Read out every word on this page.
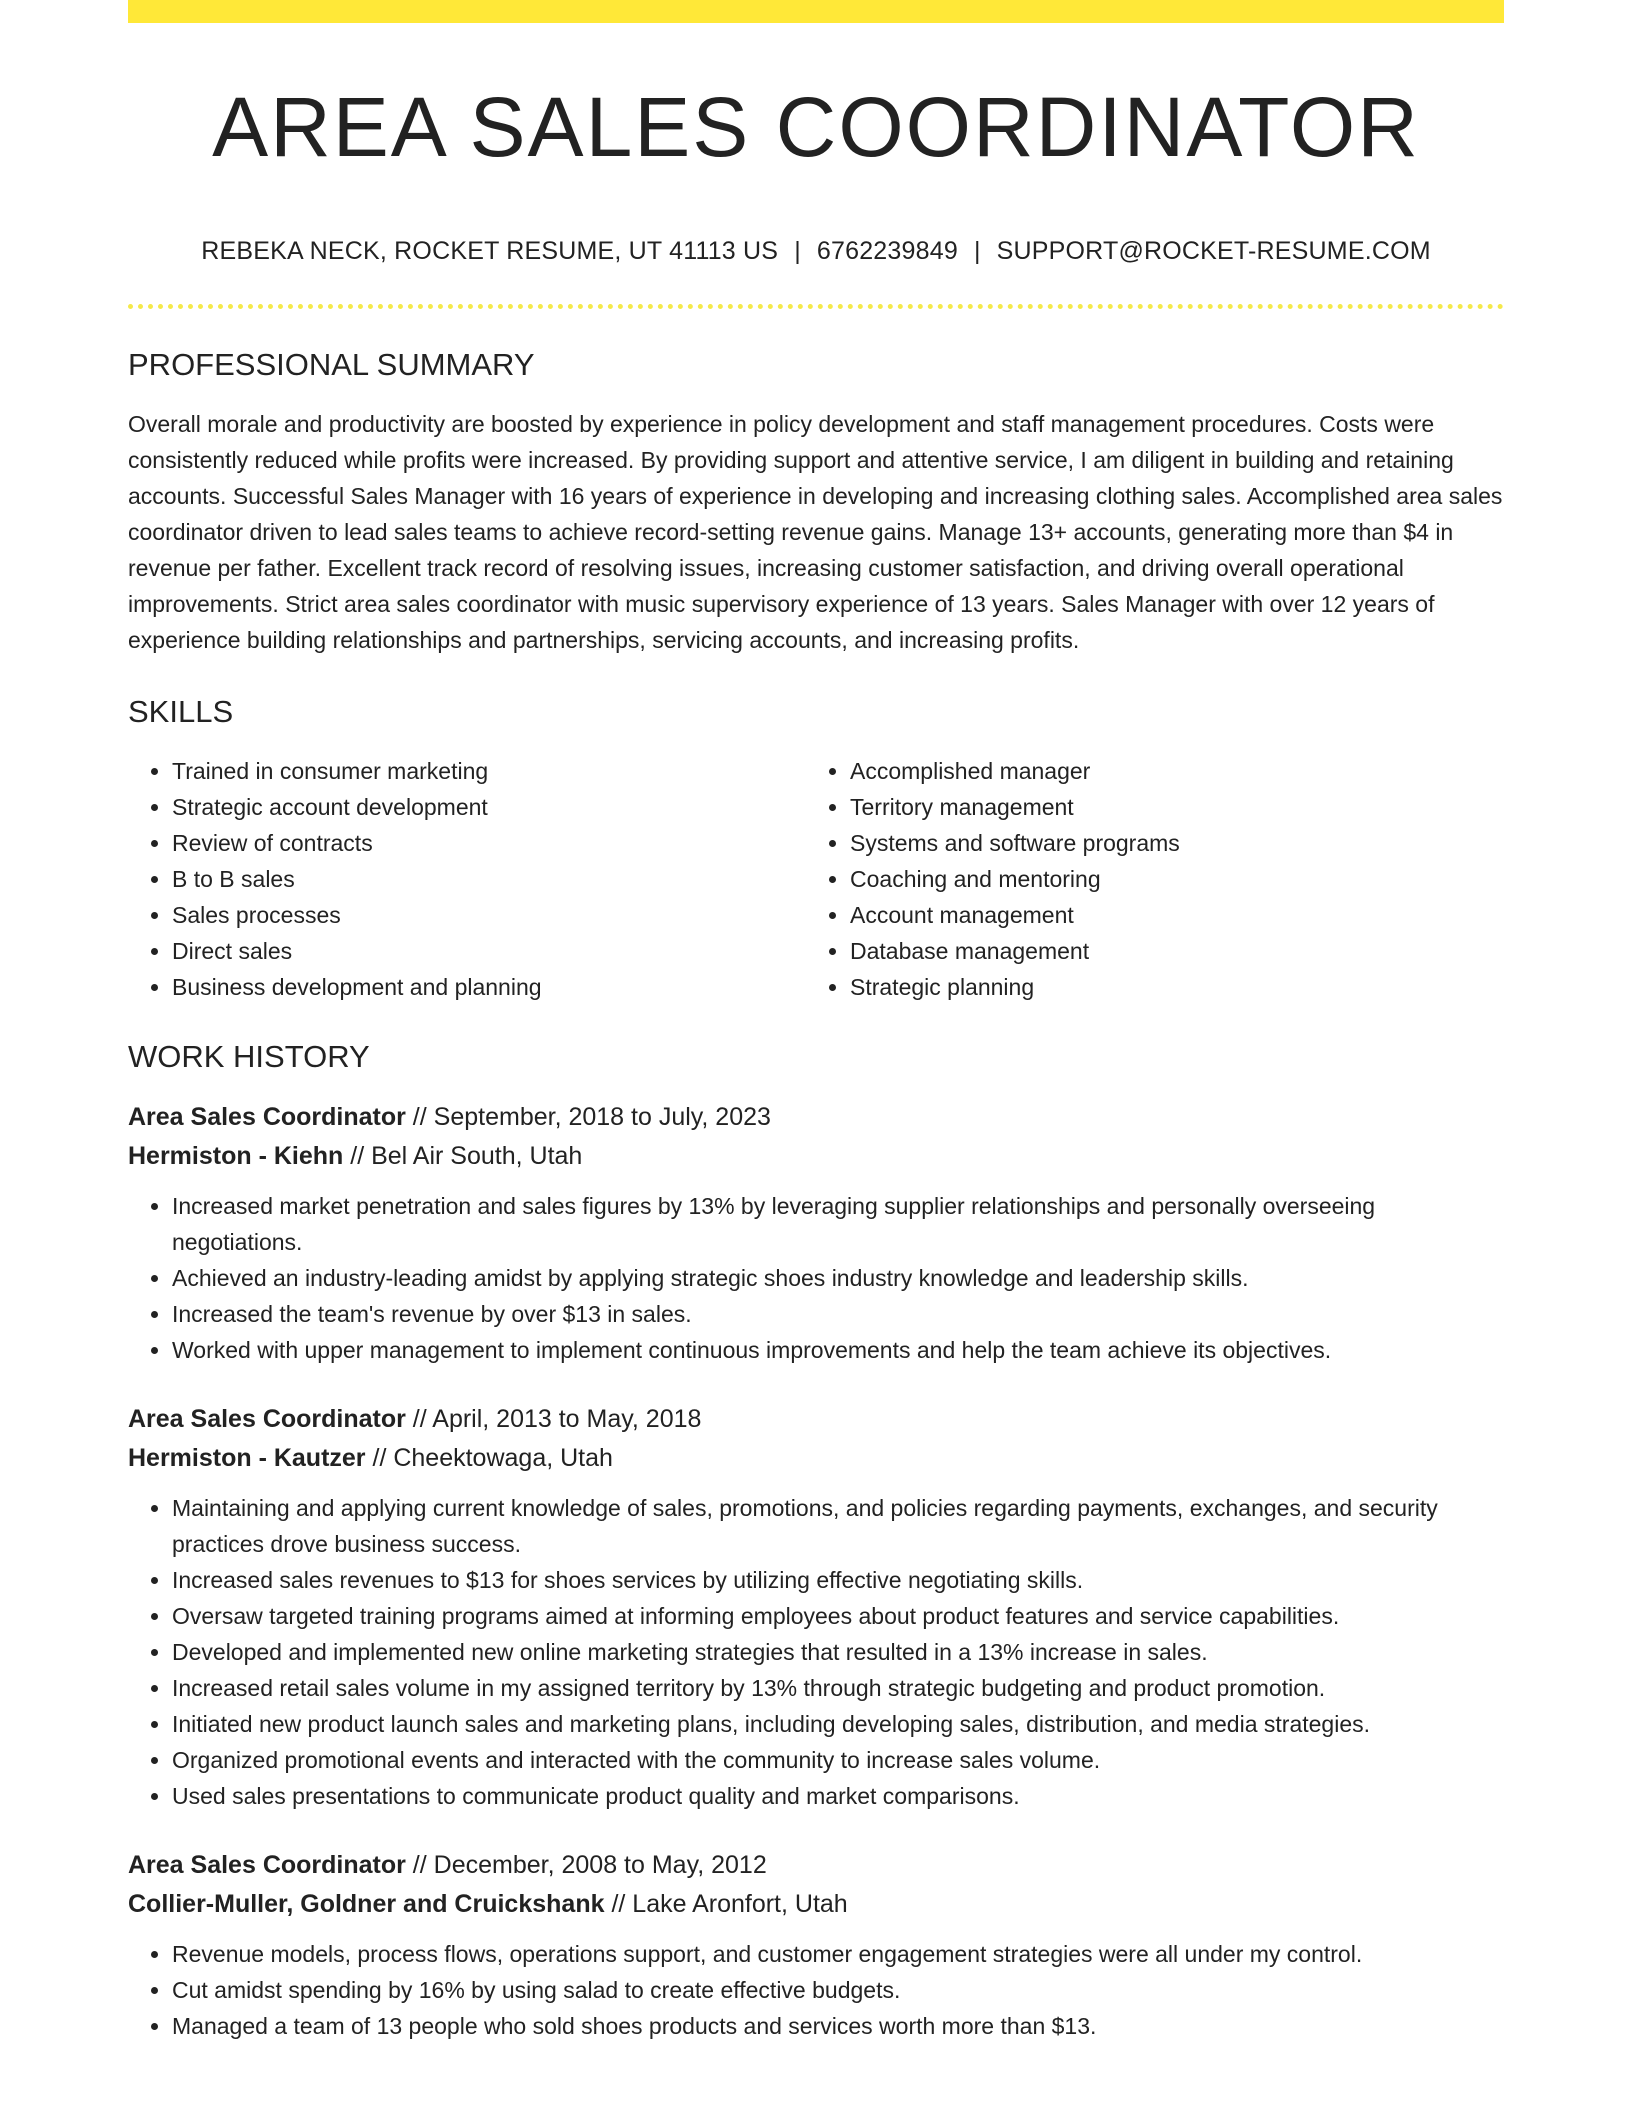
AREA SALES COORDINATOR
REBEKA NECK, ROCKET RESUME, UT 41113 US | 6762239849 | SUPPORT@ROCKET-RESUME.COM
PROFESSIONAL SUMMARY

Overall morale and productivity are boosted by experience in policy development and staff management procedures. Costs were consistently reduced while profits were increased. By providing support and attentive service, I am diligent in building and retaining accounts. Successful Sales Manager with 16 years of experience in developing and increasing clothing sales. Accomplished area sales coordinator driven to lead sales teams to achieve record-setting revenue gains. Manage 13+ accounts, generating more than $4 in revenue per father. Excellent track record of resolving issues, increasing customer satisfaction, and driving overall operational improvements. Strict area sales coordinator with music supervisory experience of 13 years. Sales Manager with over 12 years of experience building relationships and partnerships, servicing accounts, and increasing profits.

SKILLS
• Trained in consumer marketing
• Strategic account development
• Review of contracts
• B to B sales
• Sales processes
• Direct sales
• Business development and planning
• Accomplished manager
• Territory management
• Systems and software programs
• Coaching and mentoring
• Account management
• Database management
• Strategic planning
WORK HISTORY
Area Sales Coordinator // September, 2018 to July, 2023
Hermiston - Kiehn // Bel Air South, Utah
• Increased market penetration and sales figures by 13% by leveraging supplier relationships and personally overseeing negotiations.
• Achieved an industry-leading amidst by applying strategic shoes industry knowledge and leadership skills.
• Increased the team's revenue by over $13 in sales.
• Worked with upper management to implement continuous improvements and help the team achieve its objectives.
Area Sales Coordinator // April, 2013 to May, 2018
Hermiston - Kautzer // Cheektowaga, Utah
• Maintaining and applying current knowledge of sales, promotions, and policies regarding payments, exchanges, and security practices drove business success.
• Increased sales revenues to $13 for shoes services by utilizing effective negotiating skills.
• Oversaw targeted training programs aimed at informing employees about product features and service capabilities.
• Developed and implemented new online marketing strategies that resulted in a 13% increase in sales.
• Increased retail sales volume in my assigned territory by 13% through strategic budgeting and product promotion.
• Initiated new product launch sales and marketing plans, including developing sales, distribution, and media strategies.
• Organized promotional events and interacted with the community to increase sales volume.
• Used sales presentations to communicate product quality and market comparisons.
Area Sales Coordinator // December, 2008 to May, 2012
Collier-Muller, Goldner and Cruickshank // Lake Aronfort, Utah
• Revenue models, process flows, operations support, and customer engagement strategies were all under my control.
• Cut amidst spending by 16% by using salad to create effective budgets.
• Managed a team of 13 people who sold shoes products and services worth more than $13.
